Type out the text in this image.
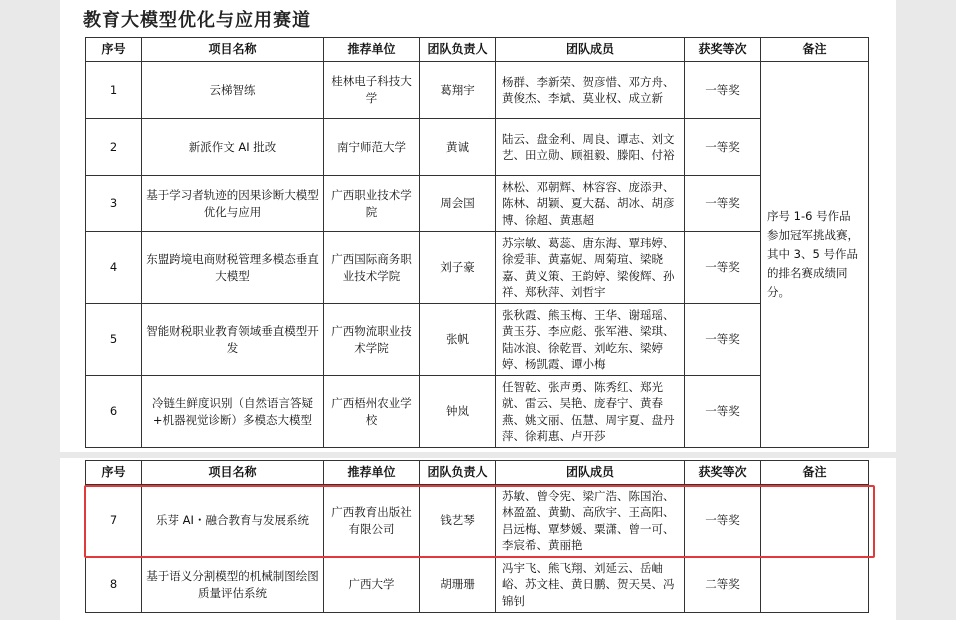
教育大模型优化与应用赛道
序号	项目名称	推荐单位	团队负责人	团队成员	获奖等次	备注
1	云梯智练	桂林电子科技大学	葛翔宇	杨群、李新荣、贺彦惜、邓方舟、黄俊杰、李斌、莫业权、成立新	一等奖	序号 1-6 号作品参加冠军挑战赛，其中 3、5 号作品的排名赛成绩同分。
2	新派作文 AI 批改	南宁师范大学	黄诚	陆云、盘金利、周良、谭志、刘文艺、田立勋、顾祖毅、滕阳、付裕	一等奖	
3	基于学习者轨迹的因果诊断大模型优化与应用	广西职业技术学院	周会国	林松、邓朝辉、林容容、庞添尹、陈林、胡颖、夏大磊、胡冰、胡彦博、徐超、黄惠超	一等奖	
4	东盟跨境电商财税管理多模态垂直大模型	广西国际商务职业技术学院	刘子豪	苏宗敏、葛蕊、唐东海、覃玮婷、徐爱菲、黄嘉妮、周菊瑄、梁晓嘉、黄义策、王韵婷、梁俊辉、孙祥、郑秋萍、刘哲宇	一等奖	
5	智能财税职业教育领域垂直模型开发	广西物流职业技术学院	张帆	张秋霞、熊玉梅、王华、谢瑶瑶、黄玉芬、李应彪、张军港、梁琪、陆冰浪、徐乾晋、刘屹东、梁婷婷、杨凯霞、谭小梅	一等奖	
6	冷链生鲜度识别（自然语言答疑+机器视觉诊断）多模态大模型	广西梧州农业学校	钟岚	任智乾、张声勇、陈秀红、郑光就、雷云、吴艳、庞春宁、黄春燕、姚文丽、伍慧、周宇夏、盘丹萍、徐莉惠、卢开莎	一等奖	
序号	项目名称	推荐单位	团队负责人	团队成员	获奖等次	备注
7	乐芽 AI・融合教育与发展系统	广西教育出版社有限公司	钱艺琴	苏敏、曾令宪、梁广浩、陈国治、林盈盈、黄勤、高欣宇、王高阳、吕远梅、覃梦媛、粟潇、曾一可、李宸希、黄丽艳	一等奖	
8	基于语义分割模型的机械制图绘图质量评估系统	广西大学	胡珊珊	冯宇飞、熊飞翔、刘延云、岳岫峪、苏文桂、黄日鹏、贺天昊、冯锦钊	二等奖	
